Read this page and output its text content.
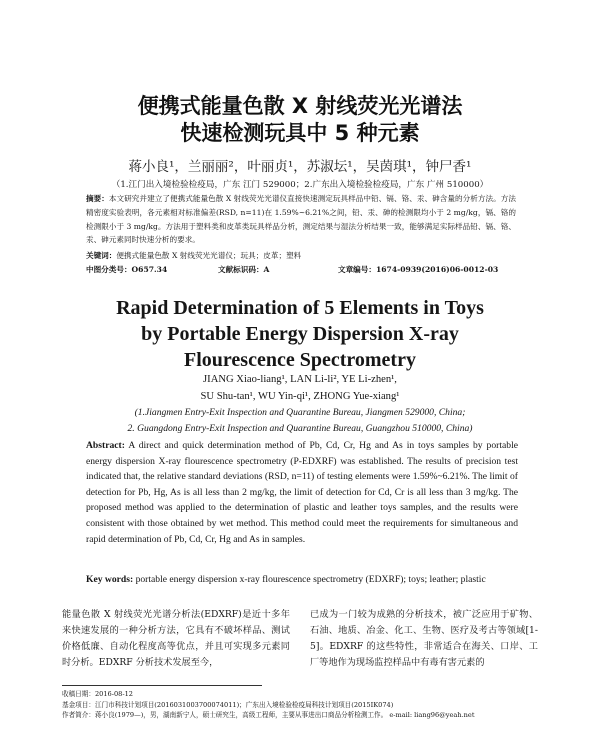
便携式能量色散 X 射线荧光光谱法
快速检测玩具中 5 种元素
蒋小良¹，兰丽丽²，叶丽贞¹，苏淑坛¹，吴茵琪¹，钟尸香¹
（1.江门出入境检验检疫局，广东 江门 529000；2.广东出入境检验检疫局，广东 广州 510000）
摘要：本文研究并建立了便携式能量色散 X 射线荧光光谱仪直接快速测定玩具样品中铅、镉、铬、汞、砷含量的分析方法。方法精密度实验表明，各元素相对标准偏差(RSD, n=11)在 1.59%~6.21%之间，铅、汞、砷的检测限均小于 2 mg/kg，镉、铬的检测限小于 3 mg/kg。方法用于塑料类和皮革类玩具样品分析，测定结果与湿法分析结果一致，能够满足实际样品铅、镉、铬、汞、砷元素同时快速分析的要求。
关键词：便携式能量色散 X 射线荧光光谱仪；玩具；皮革；塑料
中图分类号：O657.34	文献标识码：A	文章编号：1674-0939(2016)06-0012-03
Rapid Determination of 5 Elements in Toys
by Portable Energy Dispersion X-ray
Flourescence Spectrometry
JIANG Xiao-liang¹, LAN Li-li², YE Li-zhen¹,
SU Shu-tan¹, WU Yin-qi¹, ZHONG Yue-xiang¹
(1.Jiangmen Entry-Exit Inspection and Quarantine Bureau, Jiangmen 529000, China;
2. Guangdong Entry-Exit Inspection and Quarantine Bureau, Guangzhou 510000, China)
Abstract: A direct and quick determination method of Pb, Cd, Cr, Hg and As in toys samples by portable energy dispersion X-ray flourescence spectrometry (P-EDXRF) was established. The results of precision test indicated that, the relative standard deviations (RSD, n=11) of testing elements were 1.59%~6.21%. The limit of detection for Pb, Hg, As is all less than 2 mg/kg, the limit of detection for Cd, Cr is all less than 3 mg/kg. The proposed method was applied to the determination of plastic and leather toys samples, and the results were consistent with those obtained by wet method. This method could meet the requirements for simultaneous and rapid determination of Pb, Cd, Cr, Hg and As in samples.
Key words: portable energy dispersion x-ray flourescence spectrometry (EDXRF); toys; leather; plastic
能量色散 X 射线荧光光谱分析法(EDXRF)是近十多年来快速发展的一种分析方法，它具有不破坏样品、测试价格低廉、自动化程度高等优点，并且可实现多元素同时分析。EDXRF 分析技术发展至今，
已成为一门较为成熟的分析技术，被广泛应用于矿物、石油、地质、冶金、化工、生物、医疗及考古等领域[1-5]。EDXRF 的这些特性，非常适合在海关、口岸、工厂等地作为现场监控样品中有毒有害元素的
收稿日期：2016-08-12
基金项目：江门市科技计划项目(2016031003700074011)；广东出入境检验检疫局科技计划项目(2015IK074)
作者简介：蒋小良(1979—)，男，湖南新宁人，硕士研究生，高级工程师，主要从事进出口商品分析检测工作。 e-mail: liang96@yeah.net
